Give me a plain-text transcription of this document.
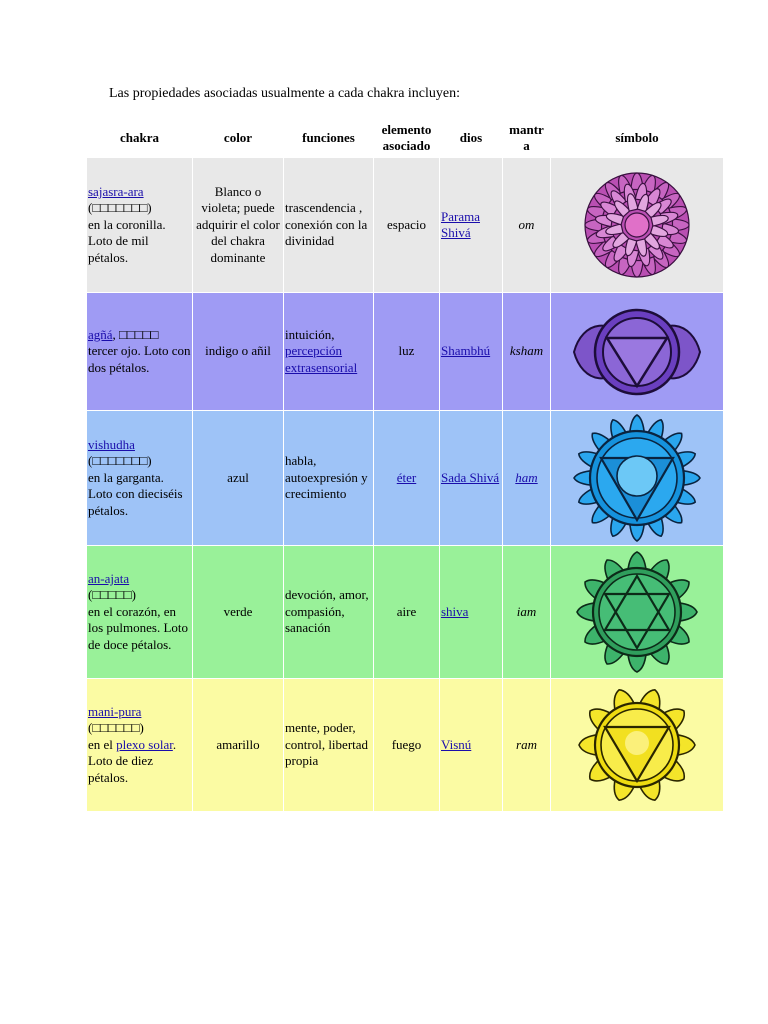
Las propiedades asociadas usualmente a cada chakra incluyen:
chakra	color	funciones	elemento asociado	dios	mantr a	símbolo
sajasra-ara
(□□□□□□□)
en la coronilla. Loto de mil pétalos.	Blanco o violeta; puede adquirir el color del chakra dominante	trascendencia , conexión con la divinidad	espacio	Parama Shivá	om	

agñá, □□□□□
tercer ojo. Loto con dos pétalos.	indigo o añil	intuición,
percepción extrasensorial	luz	Shambhú	ksham	

vishudha
(□□□□□□□)
en la garganta. Loto con dieciséis pétalos.	azul	habla, autoexpresión y crecimiento	éter	Sada Shivá	ham	

an-ajata
(□□□□□)
en el corazón, en los pulmones. Loto de doce pétalos.	verde	devoción, amor, compasión, sanación	aire	shiva	iam	

mani-pura
(□□□□□□)
en el plexo solar. Loto de diez pétalos.	amarillo	mente, poder, control, libertad propia	fuego	Visnú	ram	
